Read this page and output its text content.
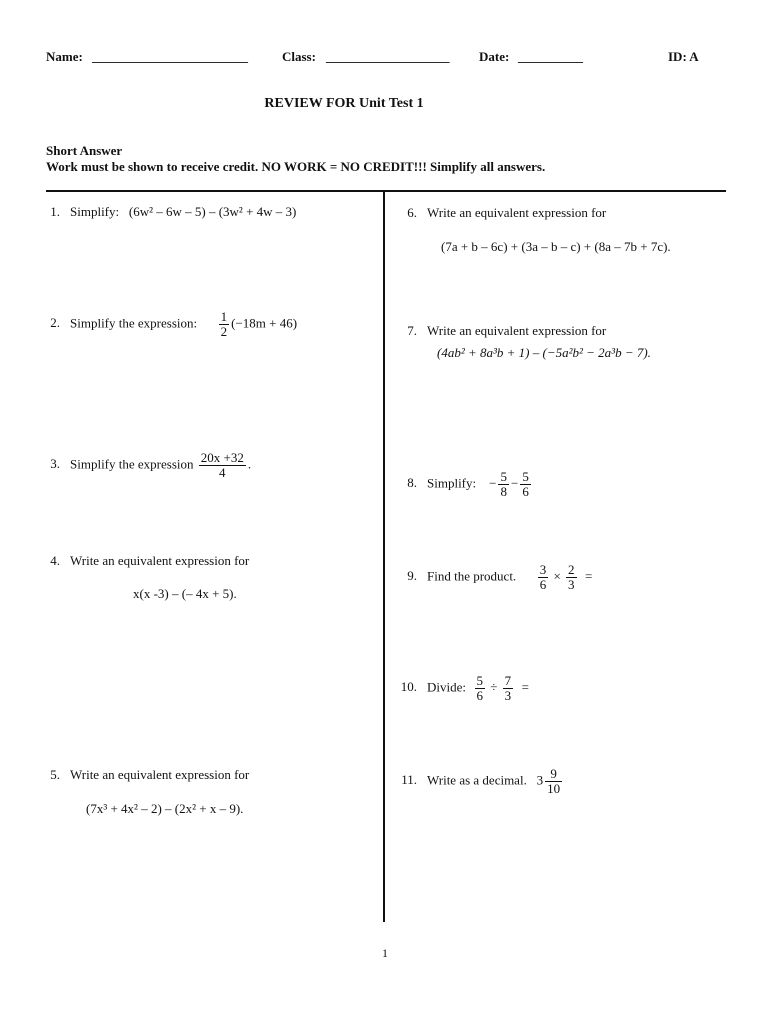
Name: ________________________	Class: ___________________ Date: __________	ID: A
REVIEW FOR Unit Test 1
Short Answer
Work must be shown to receive credit. NO WORK = NO CREDIT!!! Simplify all answers.
1. Simplify: (6w² – 6w – 5) – (3w² + 4w – 3)
2. Simplify the expression: $\frac{1}{2} (-18m + 46)$
3. Simplify the expression $\frac{20x +32}{4}$ .
4. Write an equivalent expression for
x(x -3) – (– 4x + 5).
5. Write an equivalent expression for
(7x³ + 4x² – 2) – (2x² + x – 9).
6. Write an equivalent expression for
(7a + b – 6c) + (3a – b – c) + (8a – 7b + 7c).
7. Write an equivalent expression for
(4ab² + 8a³b + 1) – (−5a²b² − 2a³b − 7).
8. Simplify: − $\frac{5}{8} - \frac{5}{6}$
9. Find the product. $\frac{3}{6} \times \frac{2}{3}$ =
10. Divide: $\frac{5}{6} \div \frac{7}{3}$ =
11. Write as a decimal. $3 \frac{9}{10}$
1
